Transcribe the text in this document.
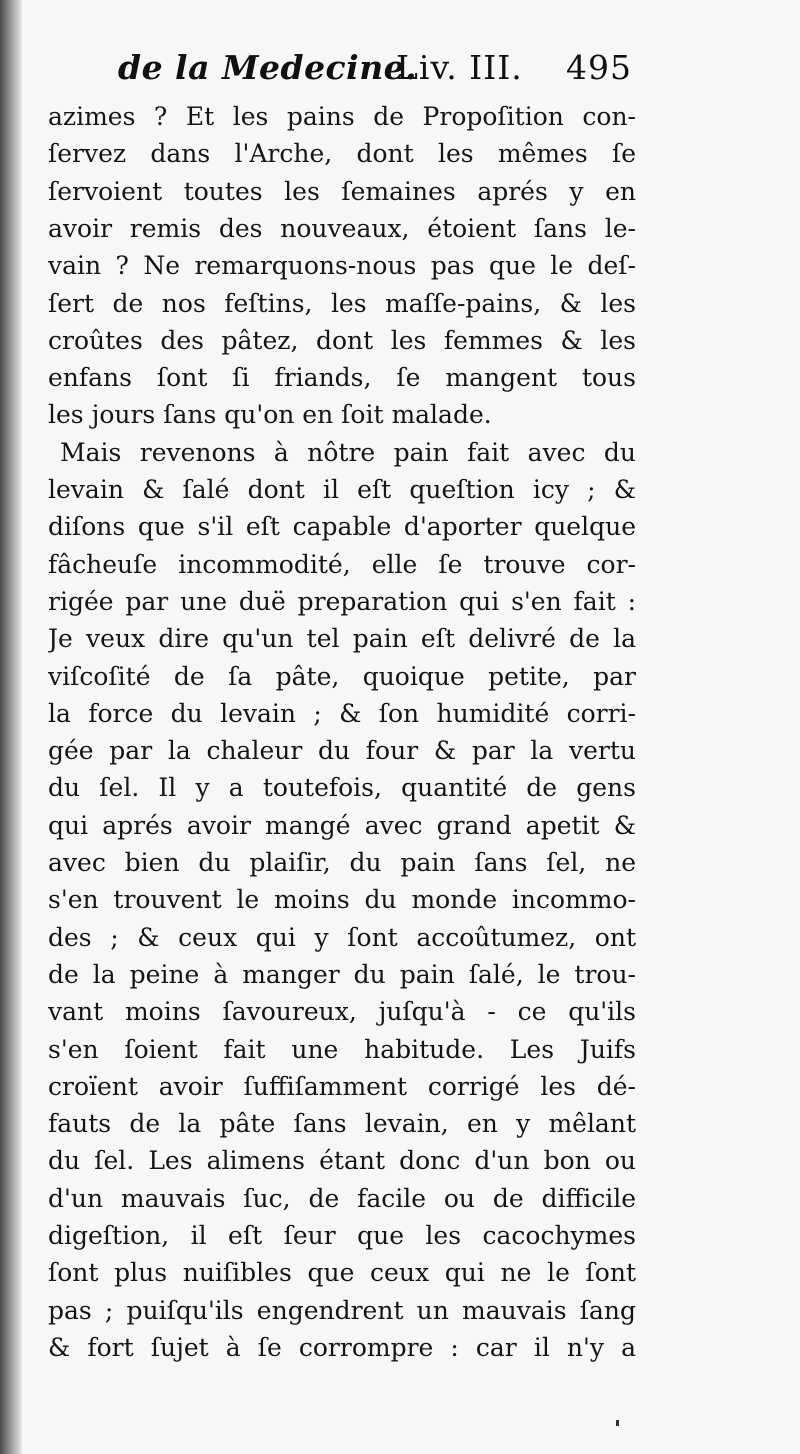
de la Medecine.
Liv. III. 495
azimes ? Et les pains de Propoſition con-
ſervez dans l'Arche, dont les mêmes ſe
ſervoient toutes les ſemaines aprés y en
avoir remis des nouveaux, étoient ſans le-
vain ? Ne remarquons-nous pas que le deſ-
ſert de nos feſtins, les maſſe-pains, & les
croûtes des pâtez, dont les femmes & les
enfans ſont ſi friands, ſe mangent tous
les jours ſans qu'on en ſoit malade.
Mais revenons à nôtre pain fait avec du
levain & ſalé dont il eſt queſtion icy ; &
diſons que s'il eſt capable d'aporter quelque
fâcheuſe incommodité, elle ſe trouve cor-
rigée par une duë preparation qui s'en fait :
Je veux dire qu'un tel pain eſt delivré de la
viſcoſité de ſa pâte, quoique petite, par
la force du levain ; & ſon humidité corri-
gée par la chaleur du four & par la vertu
du ſel. Il y a toutefois, quantité de gens
qui aprés avoir mangé avec grand apetit &
avec bien du plaiſir, du pain ſans ſel, ne
s'en trouvent le moins du monde incommo-
des ; & ceux qui y ſont accoûtumez, ont
de la peine à manger du pain ſalé, le trou-
vant moins ſavoureux, juſqu'à - ce qu'ils
s'en ſoient fait une habitude. Les Juifs
croïent avoir ſuffiſamment corrigé les dé-
fauts de la pâte ſans levain, en y mêlant
du ſel. Les alimens étant donc d'un bon ou
d'un mauvais ſuc, de facile ou de difficile
digeſtion, il eſt ſeur que les cacochymes
ſont plus nuiſibles que ceux qui ne le ſont
pas ; puiſqu'ils engendrent un mauvais ſang
& fort ſujet à ſe corrompre : car il n'y a
